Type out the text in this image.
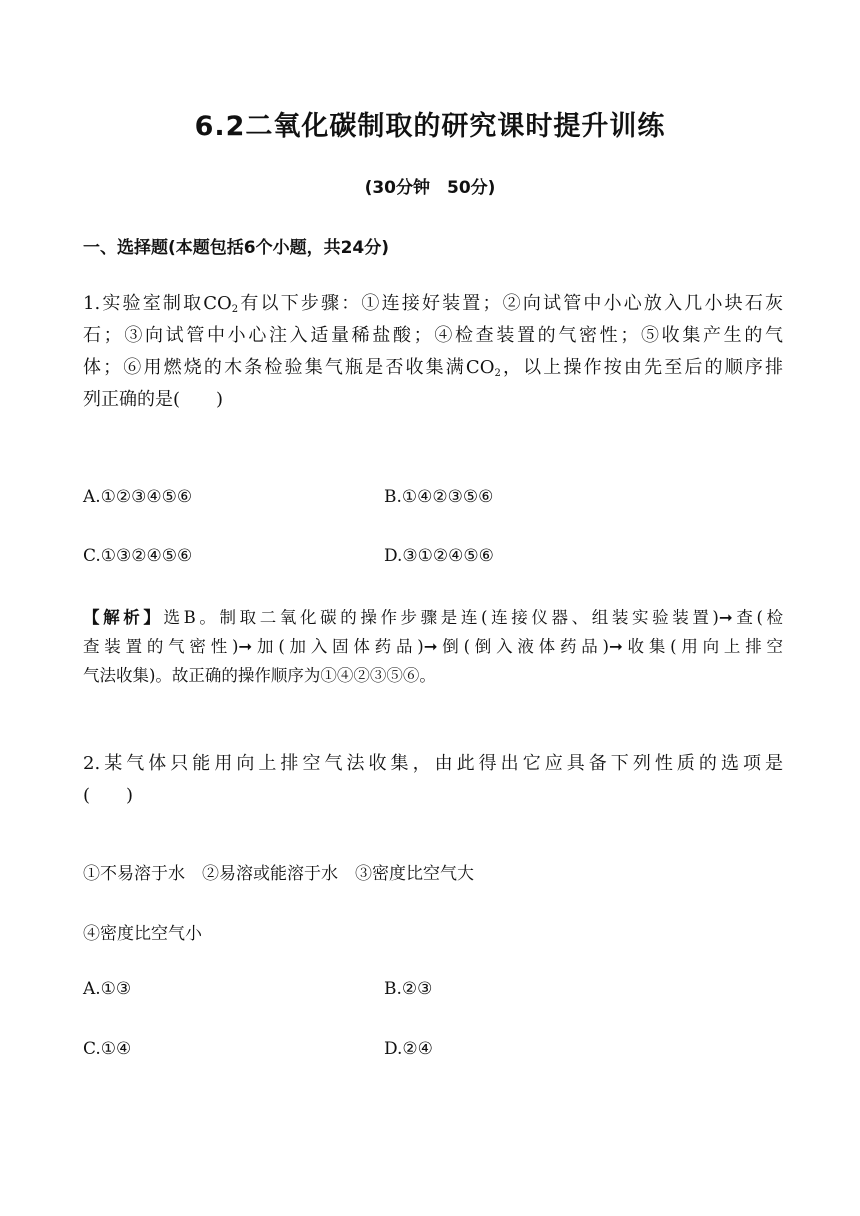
6.2二氧化碳制取的研究课时提升训练
(30分钟　50分)
一、选择题(本题包括6个小题，共24分)
1.实验室制取$CO_2$有以下步骤：①连接好装置；②向试管中小心放入几小块石灰
石；③向试管中小心注入适量稀盐酸；④检查装置的气密性；⑤收集产生的气
体；⑥用燃烧的木条检验集气瓶是否收集满$CO_2$，以上操作按由先至后的顺序排
列正确的是(　　)
A.①②③④⑤⑥	B.①④②③⑤⑥
C.①③②④⑤⑥	D.③①②④⑤⑥
【解析】选B。制取二氧化碳的操作步骤是连(连接仪器、组装实验装置)➞查(检
查装置的气密性)➞加(加入固体药品)➞倒(倒入液体药品)➞收集(用向上排空
气法收集)。故正确的操作顺序为①④②③⑤⑥。
2.某气体只能用向上排空气法收集，由此得出它应具备下列性质的选项是
(　　)
①不易溶于水　②易溶或能溶于水　③密度比空气大
④密度比空气小
A.①③	B.②③
C.①④	D.②④
